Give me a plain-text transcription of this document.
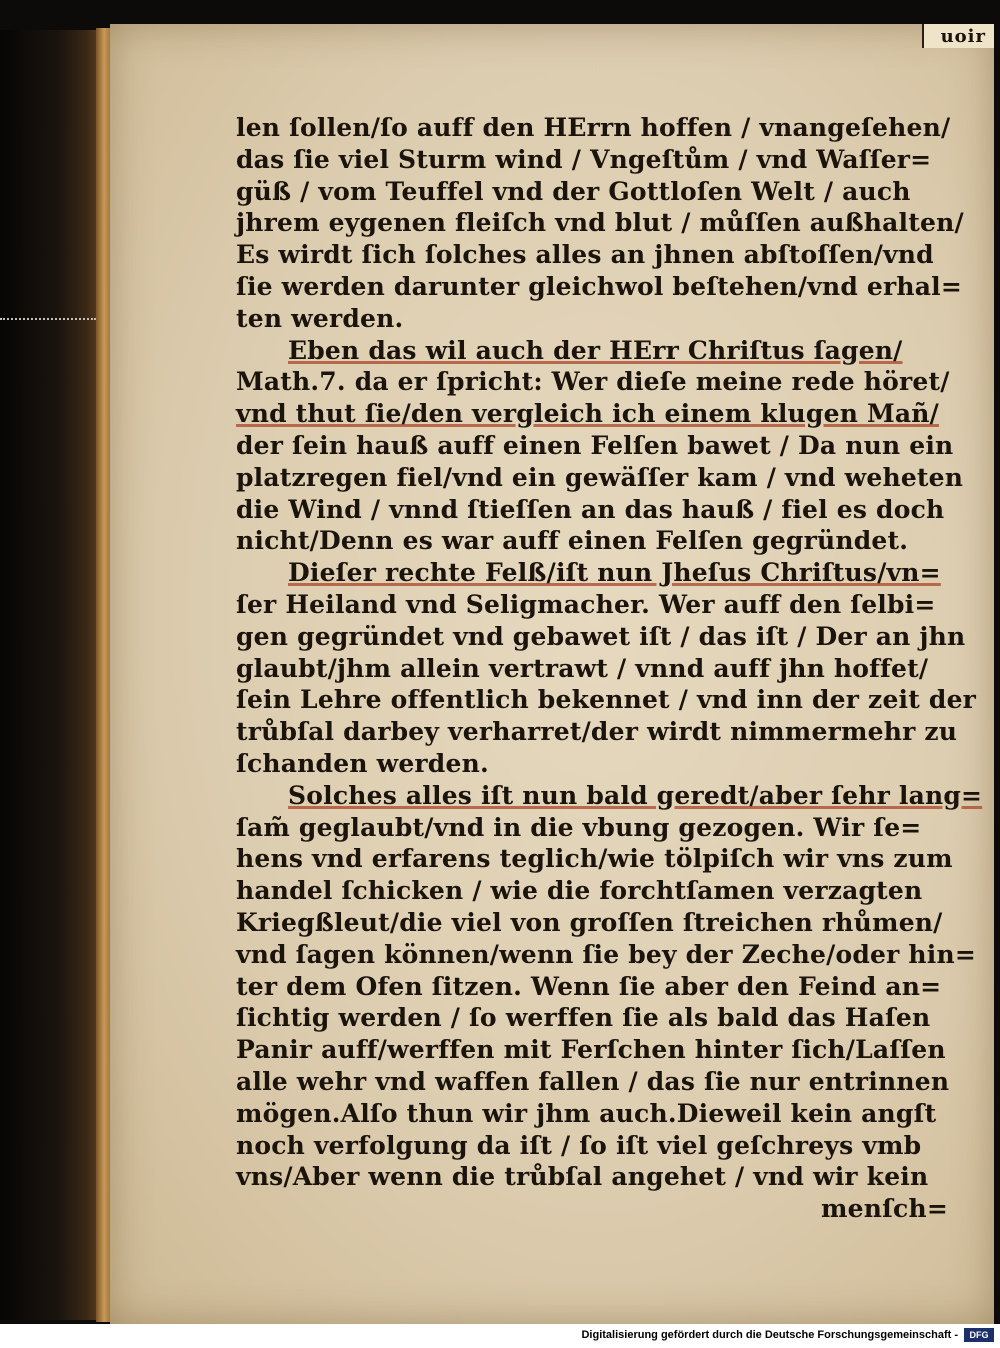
uoir
len ſollen/ſo auff den HErrn hoffen / vnangeſehen/
das ſie viel Sturm wind / Vngeſtům / vnd Waſſer=
güß / vom Teuffel vnd der Gottloſen Welt / auch
jhrem eygenen fleiſch vnd blut / můſſen außhalten/
Es wirdt ſich ſolches alles an jhnen abſtoſſen/vnd
ſie werden darunter gleichwol beſtehen/vnd erhal=
ten werden.
Eben das wil auch der HErr Chriſtus ſagen/
Math.7. da er ſpricht: Wer dieſe meine rede höret/
vnd thut ſie/den vergleich ich einem klugen Mañ/
der ſein hauß auff einen Felſen bawet / Da nun ein
platzregen fiel/vnd ein gewäſſer kam / vnd weheten
die Wind / vnnd ſtieſſen an das hauß / fiel es doch
nicht/Denn es war auff einen Felſen gegründet.
Dieſer rechte Felß/iſt nun Jheſus Chriſtus/vn=
ſer Heiland vnd Seligmacher. Wer auff den ſelbi=
gen gegründet vnd gebawet iſt / das iſt / Der an jhn
glaubt/jhm allein vertrawt / vnnd auff jhn hoffet/
ſein Lehre offentlich bekennet / vnd inn der zeit der
trůbſal darbey verharret/der wirdt nimmermehr zu
ſchanden werden.
Solches alles iſt nun bald geredt/aber ſehr lang=
ſam̃ geglaubt/vnd in die vbung gezogen. Wir ſe=
hens vnd erfarens teglich/wie tölpiſch wir vns zum
handel ſchicken / wie die forchtſamen verzagten
Kriegßleut/die viel von groſſen ſtreichen rhůmen/
vnd ſagen können/wenn ſie bey der Zeche/oder hin=
ter dem Ofen ſitzen. Wenn ſie aber den Feind an=
ſichtig werden / ſo werffen ſie als bald das Haſen
Panir auff/werffen mit Ferſchen hinter ſich/Laſſen
alle wehr vnd waffen fallen / das ſie nur entrinnen
mögen.Alſo thun wir jhm auch.Dieweil kein angſt
noch verfolgung da iſt / ſo iſt viel geſchreys vmb
vns/Aber wenn die trůbſal angehet / vnd wir kein
menſch=
Digitalisierung gefördert durch die Deutsche Forschungsgemeinschaft -	DFG
